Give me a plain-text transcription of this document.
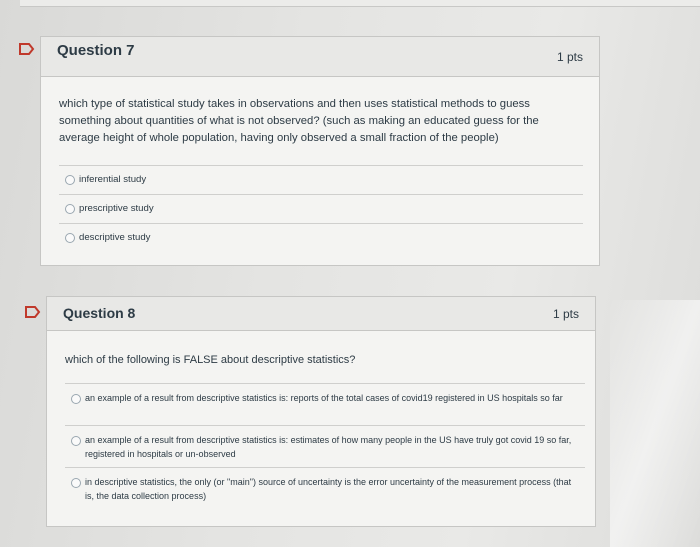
Question 7	1 pts
which type of statistical study takes in observations and then uses statistical methods to guess something about quantities of what is not observed? (such as making an educated guess for the average height of whole population, having only observed a small fraction of the people)
inferential study
prescriptive study
descriptive study
Question 8	1 pts
which of the following is FALSE about descriptive statistics?
an example of a result from descriptive statistics is: reports of the total cases of covid19 registered in US hospitals so far
an example of a result from descriptive statistics is: estimates of how many people in the US have truly got covid 19 so far, registered in hospitals or un-observed
in descriptive statistics, the only (or "main") source of uncertainty is the error uncertainty of the measurement process (that is, the data collection process)
